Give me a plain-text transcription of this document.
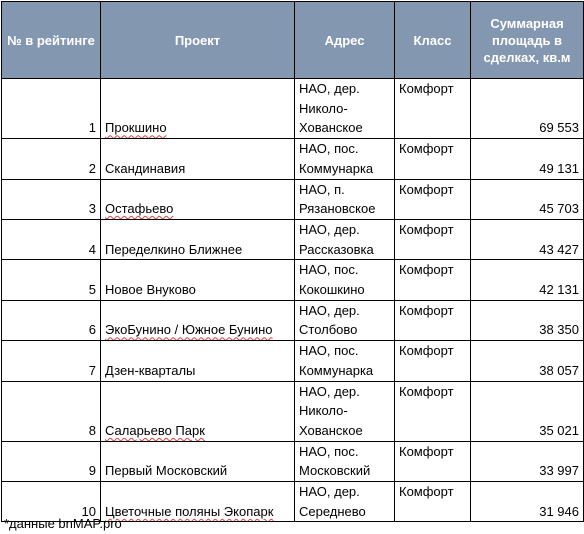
№ в рейтинге	Проект	Адрес	Класс	Суммарная площадь в сделках, кв.м
1	Прокшино	НАО, дер. Николо-Хованское	Комфорт	69 553
2	Скандинавия	НАО, пос. Коммунарка	Комфорт	49 131
3	Остафьево	НАО, п. Рязановское	Комфорт	45 703
4	Переделкино Ближнее	НАО, дер. Рассказовка	Комфорт	43 427
5	Новое Внуково	НАО, пос. Кокошкино	Комфорт	42 131
6	ЭкоБунино / Южное Бунино	НАО, дер. Столбово	Комфорт	38 350
7	Дзен-кварталы	НАО, пос. Коммунарка	Комфорт	38 057
8	Саларьево Парк	НАО, дер. Николо-Хованское	Комфорт	35 021
9	Первый Московский	НАО, пос. Московский	Комфорт	33 997
10	Цветочные поляны Экопарк	НАО, дер. Середнево	Комфорт	31 946
*данные bnMAP.pro
